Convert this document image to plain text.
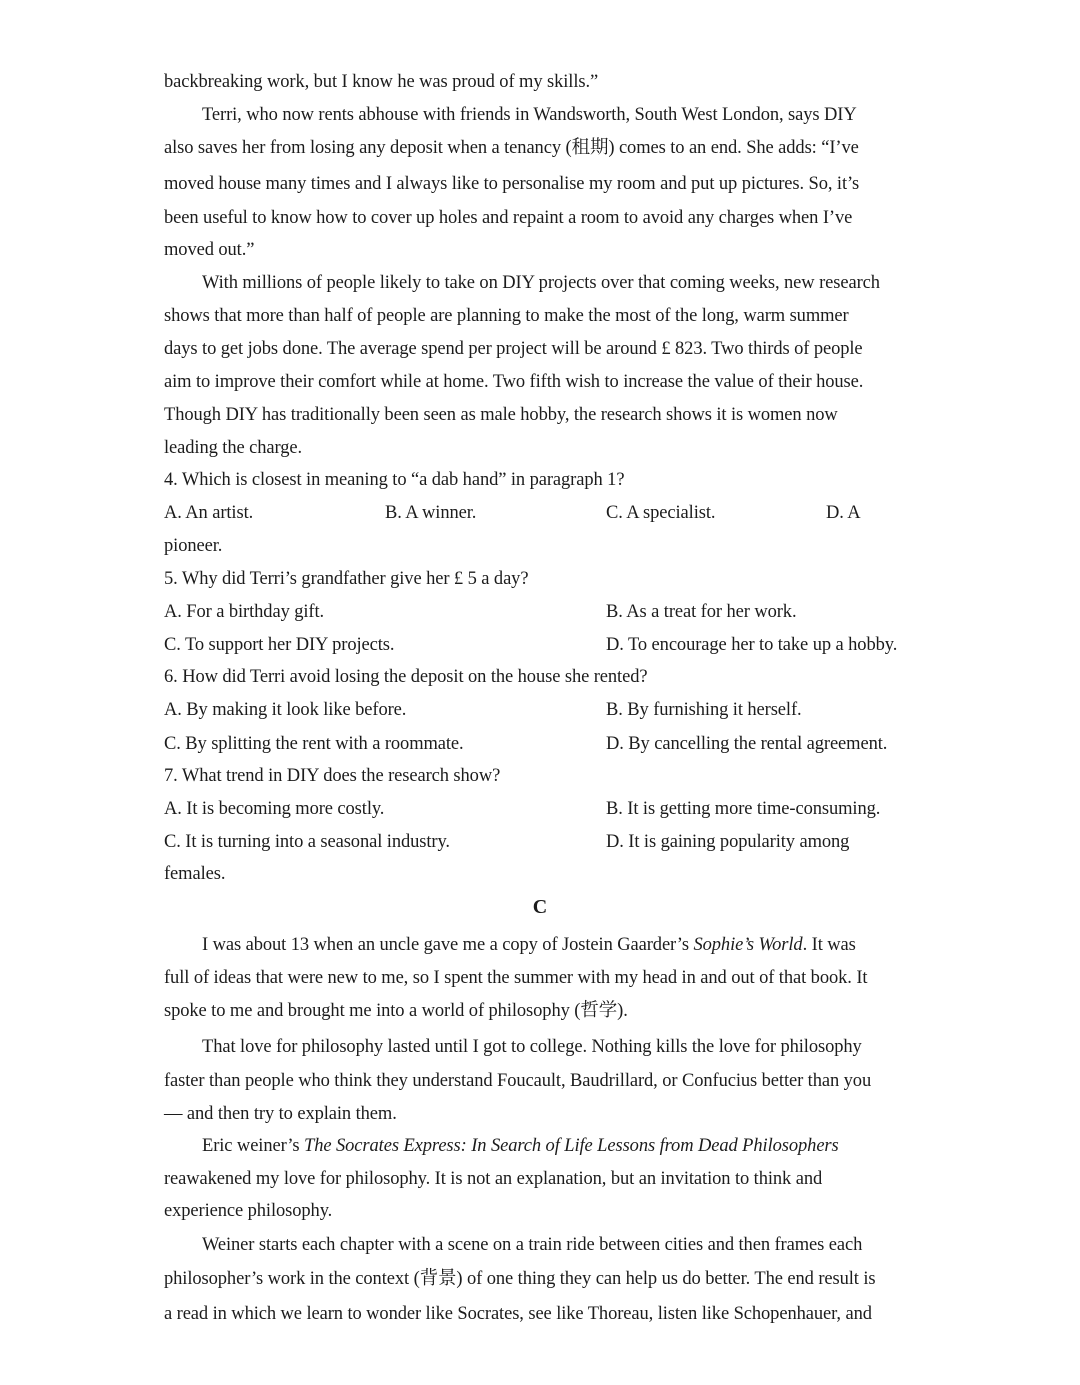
backbreaking work, but I know he was proud of my skills.”
Terri, who now rents abhouse with friends in Wandsworth, South West London, says DIY
also saves her from losing any deposit when a tenancy (租期) comes to an end. She adds: “I’ve
moved house many times and I always like to personalise my room and put up pictures. So, it’s
been useful to know how to cover up holes and repaint a room to avoid any charges when I’ve
moved out.”
With millions of people likely to take on DIY projects over that coming weeks, new research
shows that more than half of people are planning to make the most of the long, warm summer
days to get jobs done. The average spend per project will be around £ 823. Two thirds of people
aim to improve their comfort while at home. Two fifth wish to increase the value of their house.
Though DIY has traditionally been seen as male hobby, the research shows it is women now
leading the charge.
4. Which is closest in meaning to “a dab hand” in paragraph 1?
A. An artist.	B. A winner.	C. A specialist.	D. A
pioneer.
5. Why did Terri’s grandfather give her £ 5 a day?
A. For a birthday gift.	B. As a treat for her work.
C. To support her DIY projects.	D. To encourage her to take up a hobby.
6. How did Terri avoid losing the deposit on the house she rented?
A. By making it look like before.	B. By furnishing it herself.
C. By splitting the rent with a roommate.	D. By cancelling the rental agreement.
7. What trend in DIY does the research show?
A. It is becoming more costly.	B. It is getting more time-consuming.
C. It is turning into a seasonal industry.	D. It is gaining popularity among
females.
C
I was about 13 when an uncle gave me a copy of Jostein Gaarder’s Sophie’s World. It was
full of ideas that were new to me, so I spent the summer with my head in and out of that book. It
spoke to me and brought me into a world of philosophy (哲学).
That love for philosophy lasted until I got to college. Nothing kills the love for philosophy
faster than people who think they understand Foucault, Baudrillard, or Confucius better than you
— and then try to explain them.
Eric weiner’s The Socrates Express: In Search of Life Lessons from Dead Philosophers
reawakened my love for philosophy. It is not an explanation, but an invitation to think and
experience philosophy.
Weiner starts each chapter with a scene on a train ride between cities and then frames each
philosopher’s work in the context (背景) of one thing they can help us do better. The end result is
a read in which we learn to wonder like Socrates, see like Thoreau, listen like Schopenhauer, and
